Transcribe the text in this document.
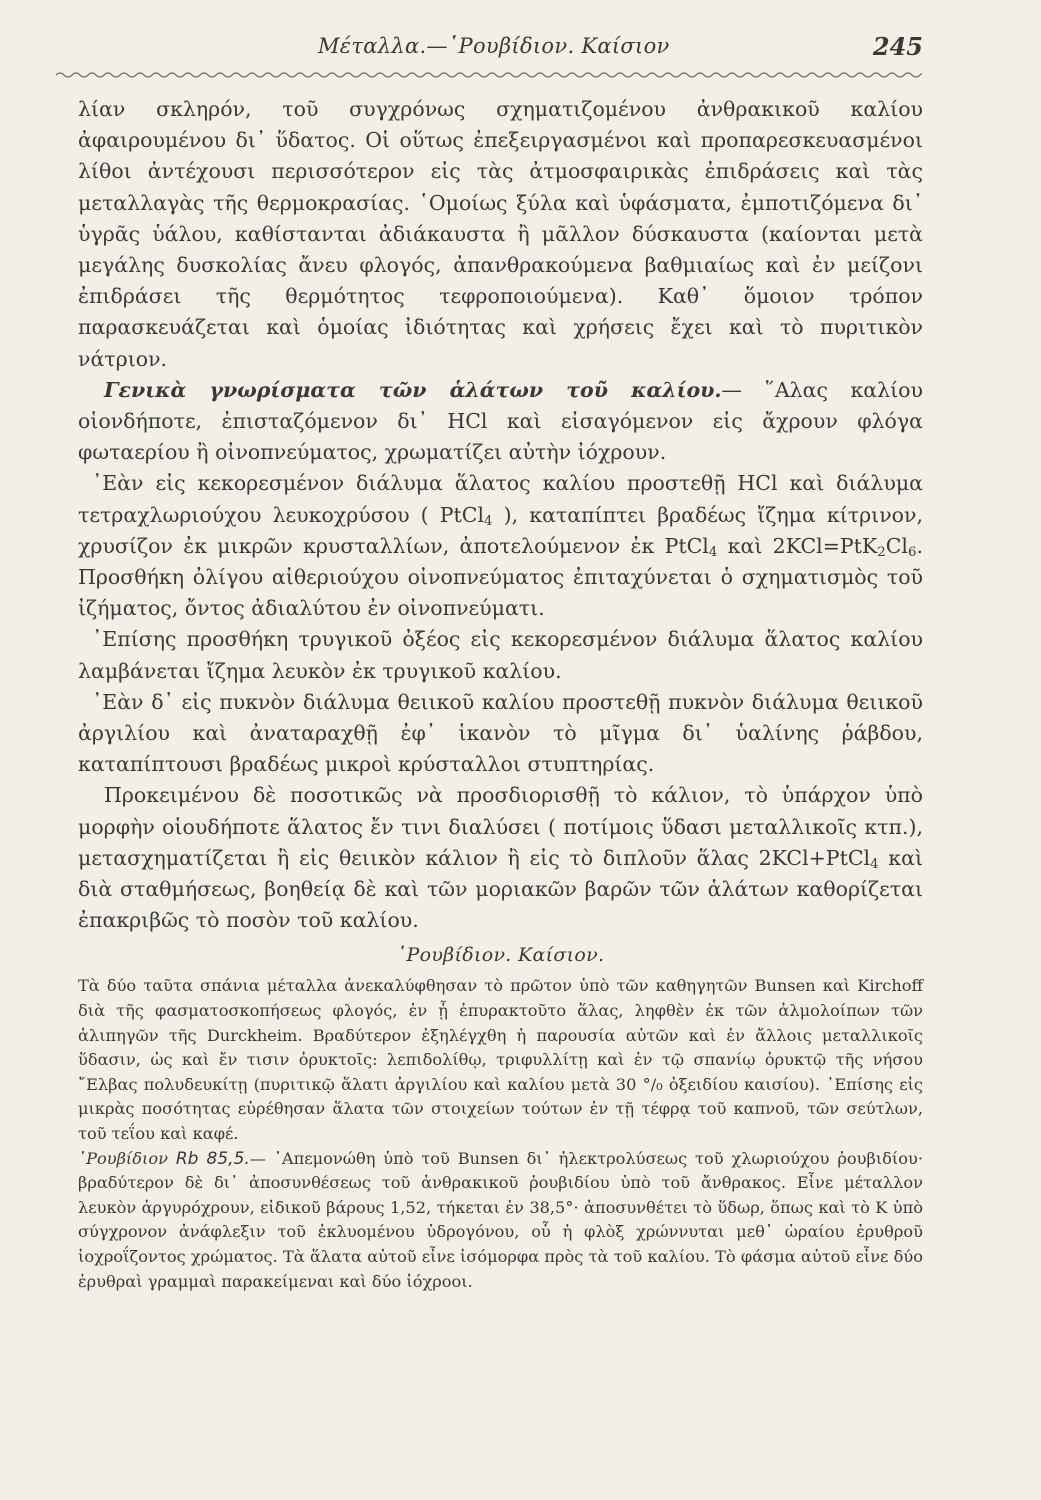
Μέταλλα.—῾Ρουβίδιον. Καίσιον	245

λίαν σκληρόν, τοῦ συγχρόνως σχηματιζομένου ἀνθρακικοῦ καλίου ἀφαιρουμένου δι᾿ ὕδατος. Οἱ οὕτως ἐπεξειργασμένοι καὶ προπαρεσκευασμένοι λίθοι ἀντέχουσι περισσότερον εἰς τὰς ἀτμοσφαιρικὰς ἐπιδράσεις καὶ τὰς μεταλλαγὰς τῆς θερμοκρασίας. ῾Ομοίως ξύλα καὶ ὑφάσματα, ἐμποτιζόμενα δι᾿ ὑγρᾶς ὑάλου, καθίστανται ἀδιάκαυστα ἢ μᾶλλον δύσκαυστα (καίονται μετὰ μεγάλης δυσκολίας ἄνευ φλογός, ἀπανθρακούμενα βαθμιαίως καὶ ἐν μείζονι ἐπιδράσει τῆς θερμότητος τεφροποιούμενα). Καθ᾿ ὅμοιον τρόπον παρασκευάζεται καὶ ὁμοίας ἰδιότητας καὶ χρήσεις ἔχει καὶ τὸ πυριτικὸν νάτριον.

Γενικὰ γνωρίσματα τῶν ἁλάτων τοῦ καλίου.— ῞Αλας καλίου οἱονδήποτε, ἐπισταζόμενον δι᾿ HCl καὶ εἰσαγόμενον εἰς ἄχρουν φλόγα φωταερίου ἢ οἰνοπνεύματος, χρωματίζει αὐτὴν ἰόχρουν.

᾿Εὰν εἰς κεκορεσμένον διάλυμα ἅλατος καλίου προστεθῇ HCl καὶ διάλυμα τετραχλωριούχου λευκοχρύσου ( PtCl$_4$ ), καταπίπτει βραδέως ἴζημα κίτρινον, χρυσίζον ἐκ μικρῶν κρυσταλλίων, ἀποτελούμενον ἐκ PtCl$_4$ καὶ $2KCl=PtK_2Cl_6$. Προσθήκη ὀλίγου αἰθεριούχου οἰνοπνεύματος ἐπιταχύνεται ὁ σχηματισμὸς τοῦ ἰζήματος, ὄντος ἀδιαλύτου ἐν οἰνοπνεύματι.

᾿Επίσης προσθήκη τρυγικοῦ ὀξέος εἰς κεκορεσμένον διάλυμα ἅλατος καλίου λαμβάνεται ἴζημα λευκὸν ἐκ τρυγικοῦ καλίου.

᾿Εὰν δ᾿ εἰς πυκνὸν διάλυμα θειικοῦ καλίου προστεθῇ πυκνὸν διάλυμα θειικοῦ ἀργιλίου καὶ ἀναταραχθῇ ἐφ᾿ ἱκανὸν τὸ μῖγμα δι᾿ ὑαλίνης ῥάβδου, καταπίπτουσι βραδέως μικροὶ κρύσταλλοι στυπτηρίας.

Προκειμένου δὲ ποσοτικῶς νὰ προσδιορισθῇ τὸ κάλιον, τὸ ὑπάρχον ὑπὸ μορφὴν οἱουδήποτε ἅλατος ἔν τινι διαλύσει ( ποτίμοις ὕδασι μεταλλικοῖς κτπ.), μετασχηματίζεται ἢ εἰς θειικὸν κάλιον ἢ εἰς τὸ διπλοῦν ἅλας 2KCl+PtCl$_4$ καὶ διὰ σταθμήσεως, βοηθείᾳ δὲ καὶ τῶν μοριακῶν βαρῶν τῶν ἁλάτων καθορίζεται ἐπακριβῶς τὸ ποσὸν τοῦ καλίου.

῾Ρουβίδιον. Καίσιον.

Τὰ δύο ταῦτα σπάνια μέταλλα ἀνεκαλύφθησαν τὸ πρῶτον ὑπὸ τῶν καθηγητῶν Bunsen καὶ Kirchoff διὰ τῆς φασματοσκοπήσεως φλογός, ἐν ᾗ ἐπυρακτοῦτο ἅλας, ληφθὲν ἐκ τῶν ἀλμολοίπων τῶν ἁλιπηγῶν τῆς Durckheim. Βραδύτερον ἐξηλέγχθη ἡ παρουσία αὐτῶν καὶ ἐν ἄλλοις μεταλλικοῖς ὕδασιν, ὡς καὶ ἔν τισιν ὀρυκτοῖς: λεπιδολίθῳ, τριφυλλίτῃ καὶ ἐν τῷ σπανίῳ ὀρυκτῷ τῆς νήσου ῎Ελβας πολυδευκίτῃ (πυριτικῷ ἅλατι ἀργιλίου καὶ καλίου μετὰ 30 °/₀ ὀξειδίου καισίου). ᾿Επίσης εἰς μικρὰς ποσότητας εὑρέθησαν ἅλατα τῶν στοιχείων τούτων ἐν τῇ τέφρᾳ τοῦ καπνοῦ, τῶν σεύτλων, τοῦ τεΐου καὶ καφέ.

῾Ρουβίδιον Rb 85,5.— ᾿Απεμονώθη ὑπὸ τοῦ Bunsen δι᾿ ἠλεκτρολύσεως τοῦ χλωριούχου ῥουβιδίου· βραδύτερον δὲ δι᾿ ἀποσυνθέσεως τοῦ ἀνθρακικοῦ ῥουβιδίου ὑπὸ τοῦ ἄνθρακος. Εἶνε μέταλλον λευκὸν ἀργυρόχρουν, εἰδικοῦ βάρους 1,52, τήκεται ἐν 38,5°· ἀποσυνθέτει τὸ ὕδωρ, ὅπως καὶ τὸ K ὑπὸ σύγχρονον ἀνάφλεξιν τοῦ ἐκλυομένου ὑδρογόνου, οὗ ἡ φλὸξ χρώννυται μεθ᾿ ὡραίου ἐρυθροῦ ἰοχροΐζοντος χρώματος. Τὰ ἅλατα αὐτοῦ εἶνε ἰσόμορφα πρὸς τὰ τοῦ καλίου. Τὸ φάσμα αὐτοῦ εἶνε δύο ἐρυθραὶ γραμμαὶ παρακείμεναι καὶ δύο ἰόχροοι.
